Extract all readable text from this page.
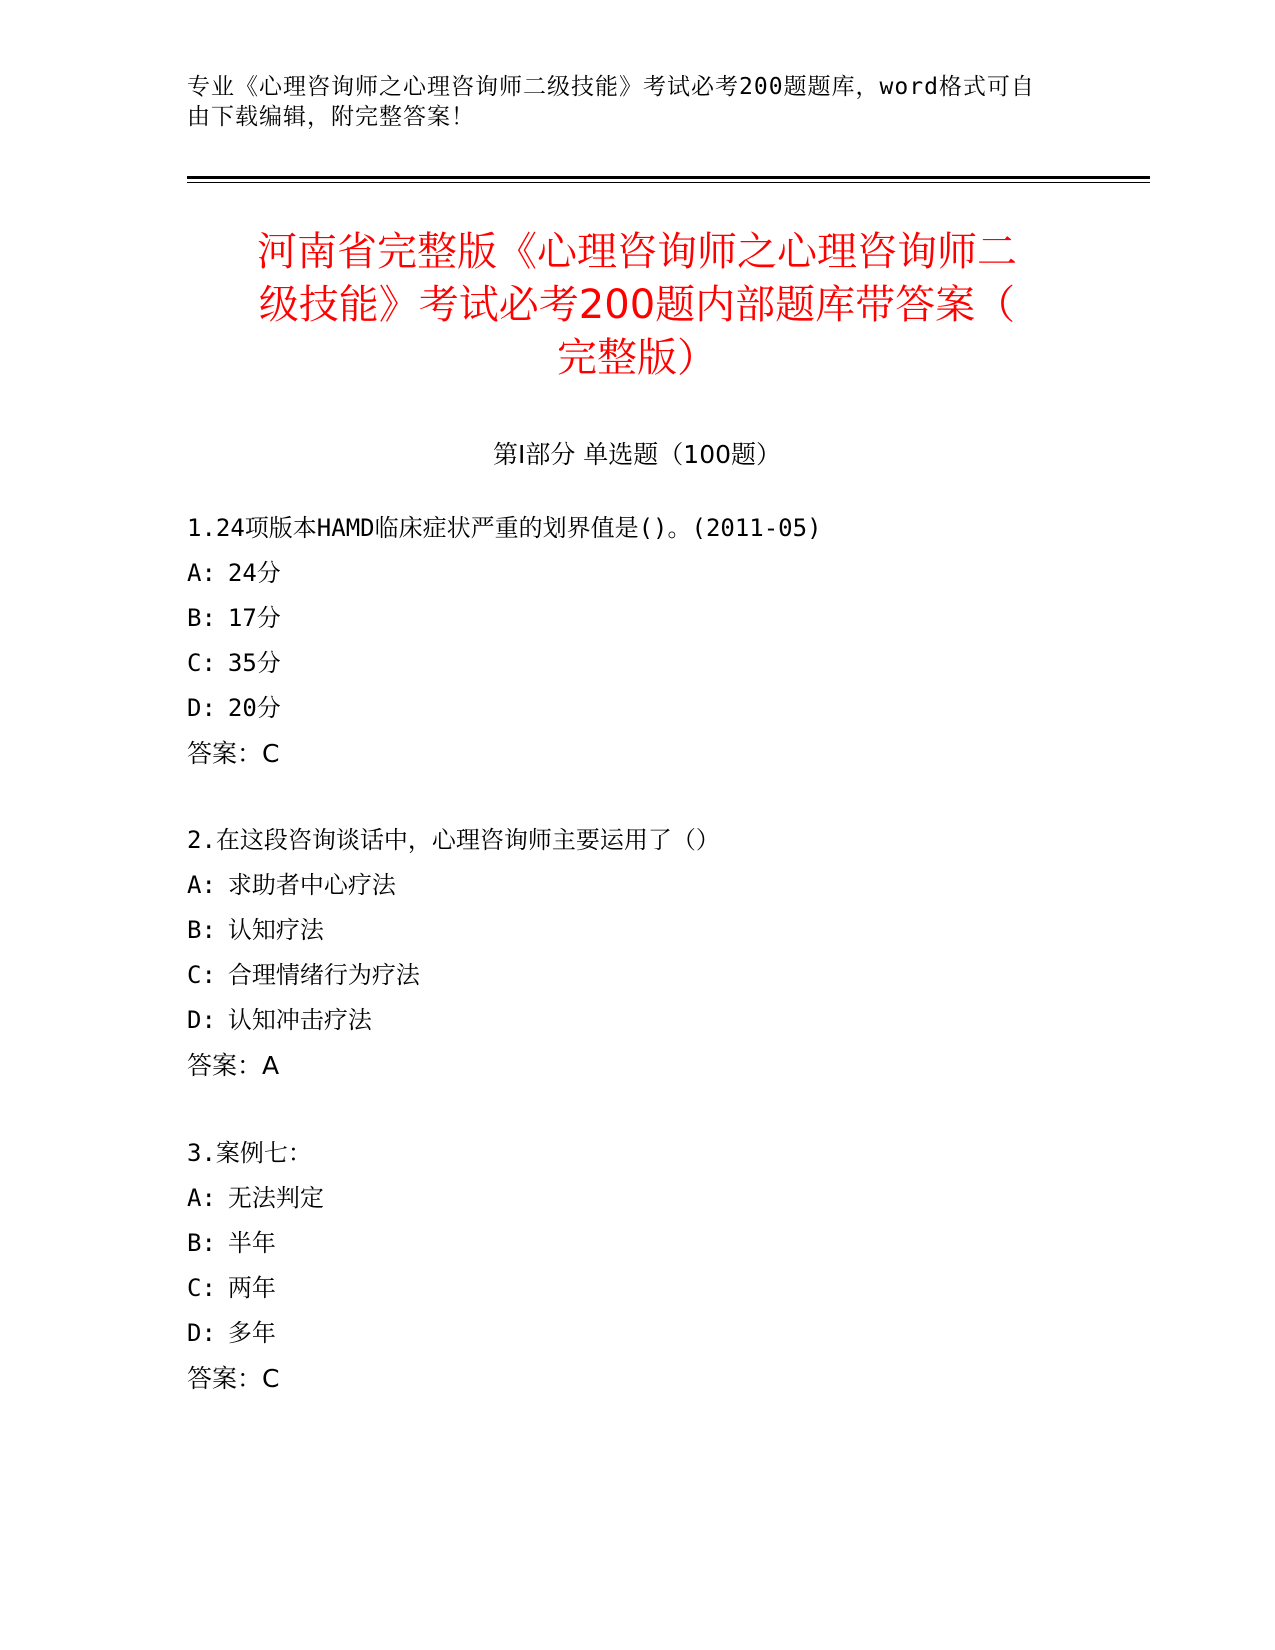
专业《心理咨询师之心理咨询师二级技能》考试必考200题题库，word格式可自
由下载编辑，附完整答案！
河南省完整版《心理咨询师之心理咨询师二
级技能》考试必考200题内部题库带答案（
完整版）
第Ⅰ部分 单选题（100题）
1.24项版本HAMD临床症状严重的划界值是()。(2011-05)
A: 24分
B: 17分
C: 35分
D: 20分
答案：C
2.在这段咨询谈话中，心理咨询师主要运用了（）
A: 求助者中心疗法
B: 认知疗法
C: 合理情绪行为疗法
D: 认知冲击疗法
答案：A
3.案例七：
A: 无法判定
B: 半年
C: 两年
D: 多年
答案：C
